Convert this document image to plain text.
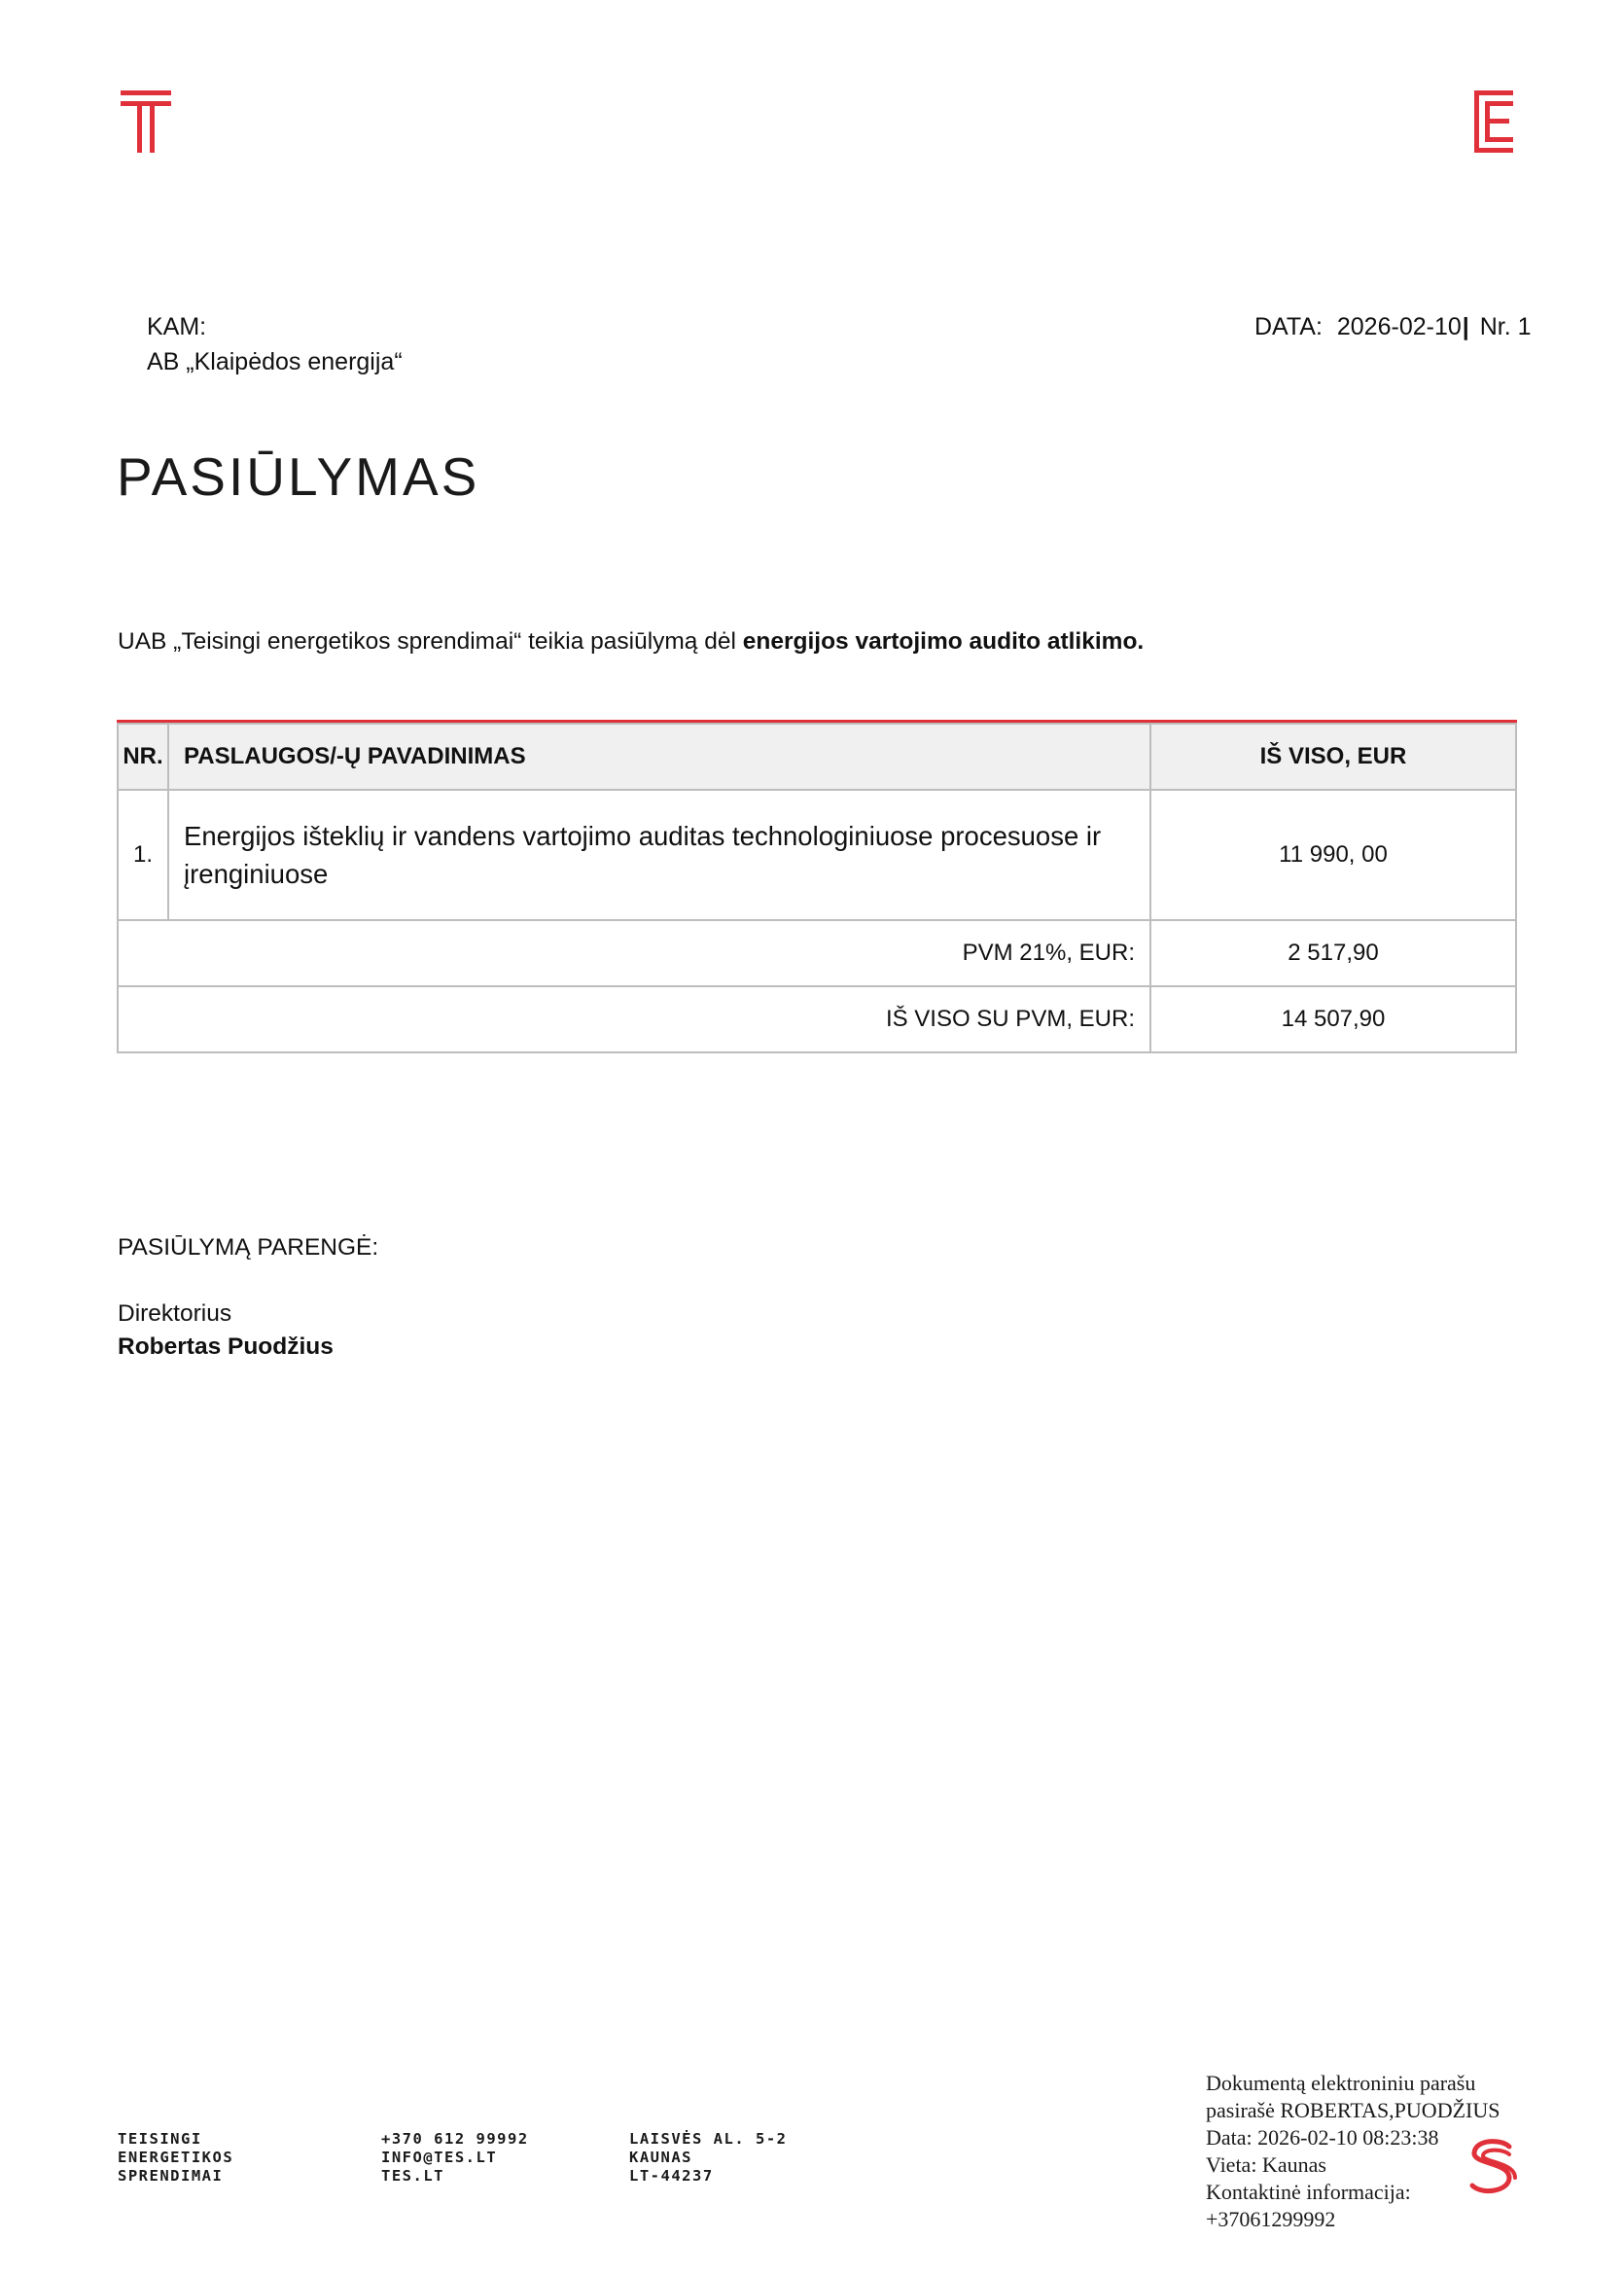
KAM:
AB „Klaipėdos energija“
DATA: 2026-02-10| Nr. 1
PASIŪLYMAS
UAB „Teisingi energetikos sprendimai“ teikia pasiūlymą dėl energijos vartojimo audito atlikimo.
NR.	PASLAUGOS/-Ų PAVADINIMAS	IŠ VISO, EUR
1.	Energijos išteklių ir vandens vartojimo auditas technologiniuose procesuose ir įrenginiuose	11 990, 00
PVM 21%, EUR:		2 517,90
IŠ VISO SU PVM, EUR:		14 507,90
PASIŪLYMĄ PARENGĖ:
Direktorius
Robertas Puodžius
TEISINGI
ENERGETIKOS
SPRENDIMAI
+370 612 99992
INFO@TES.LT
TES.LT
LAISVĖS AL. 5-2
KAUNAS
LT-44237
Dokumentą elektroniniu parašu
pasirašė ROBERTAS,PUODŽIUS
Data: 2026-02-10 08:23:38
Vieta: Kaunas
Kontaktinė informacija:
+37061299992
